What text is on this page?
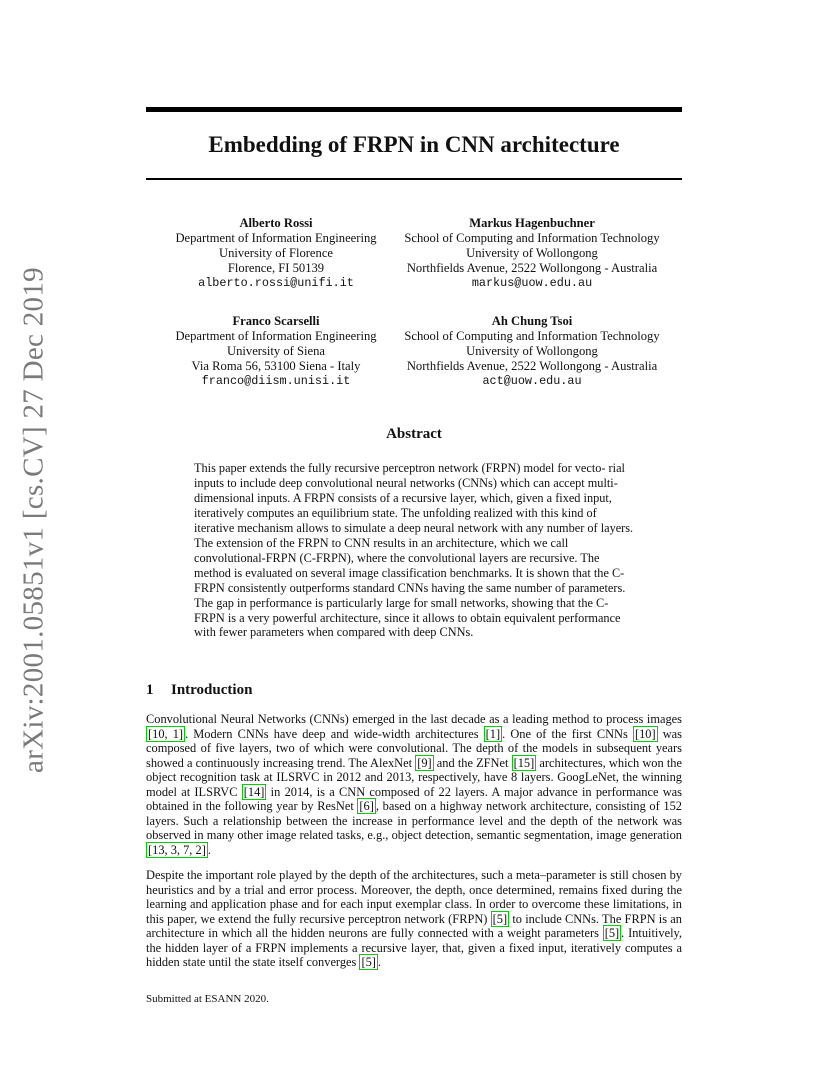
arXiv:2001.05851v1 [cs.CV] 27 Dec 2019
Embedding of FRPN in CNN architecture
Alberto Rossi
Department of Information Engineering
University of Florence
Florence, FI 50139
alberto.rossi@unifi.it
Markus Hagenbuchner
School of Computing and Information Technology
University of Wollongong
Northfields Avenue, 2522 Wollongong - Australia
markus@uow.edu.au
Franco Scarselli
Department of Information Engineering
University of Siena
Via Roma 56, 53100 Siena - Italy
franco@diism.unisi.it
Ah Chung Tsoi
School of Computing and Information Technology
University of Wollongong
Northfields Avenue, 2522 Wollongong - Australia
act@uow.edu.au
Abstract

This paper extends the fully recursive perceptron network (FRPN) model for vecto- rial inputs to include deep convolutional neural networks (CNNs) which can accept multi-dimensional inputs. A FRPN consists of a recursive layer, which, given a fixed input, iteratively computes an equilibrium state. The unfolding realized with this kind of iterative mechanism allows to simulate a deep neural network with any number of layers. The extension of the FRPN to CNN results in an architecture, which we call convolutional-FRPN (C-FRPN), where the convolutional layers are recursive. The method is evaluated on several image classification benchmarks. It is shown that the C-FRPN consistently outperforms standard CNNs having the same number of parameters. The gap in performance is particularly large for small networks, showing that the C-FRPN is a very powerful architecture, since it allows to obtain equivalent performance with fewer parameters when compared with deep CNNs.

1 Introduction

Convolutional Neural Networks (CNNs) emerged in the last decade as a leading method to process images [10, 1] . Modern CNNs have deep and wide-width architectures [1] . One of the first CNNs [10] was composed of five layers, two of which were convolutional. The depth of the models in subsequent years showed a continuously increasing trend. The AlexNet [9] and the ZFNet [15] architectures, which won the object recognition task at ILSRVC in 2012 and 2013, respectively, have 8 layers. GoogLeNet, the winning model at ILSRVC [14] in 2014, is a CNN composed of 22 layers. A major advance in performance was obtained in the following year by ResNet [6] , based on a highway network architecture, consisting of 152 layers. Such a relationship between the increase in performance level and the depth of the network was observed in many other image related tasks, e.g., object detection, semantic segmentation, image generation [13, 3, 7, 2] .

Despite the important role played by the depth of the architectures, such a meta–parameter is still chosen by heuristics and by a trial and error process. Moreover, the depth, once determined, remains fixed during the learning and application phase and for each input exemplar class. In order to overcome these limitations, in this paper, we extend the fully recursive perceptron network (FRPN) [5] to include CNNs. The FRPN is an architecture in which all the hidden neurons are fully connected with a weight parameters [5] . Intuitively, the hidden layer of a FRPN implements a recursive layer, that, given a fixed input, iteratively computes a hidden state until the state itself converges [5] .

Submitted at ESANN 2020.
